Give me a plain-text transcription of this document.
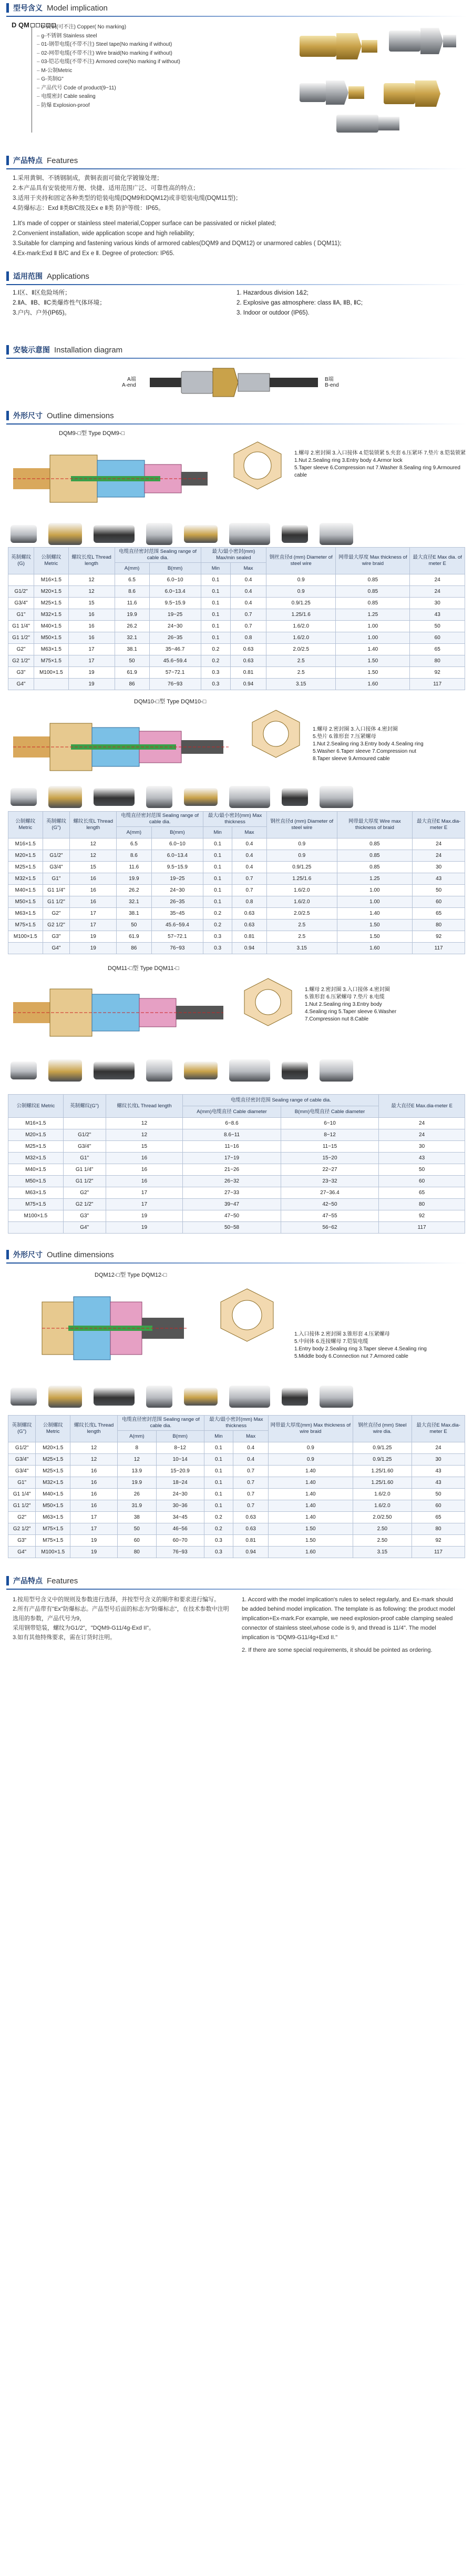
型号含义 Model implication
D QM	– 0-黄铜(可不注) Copper( No marking)
– g-不锈钢 Stainless steel
– 01-钢带电缆(不带不注) Steel tape(No marking if without)
– 02-网带电缆(不带不注) Wire braid(No marking if without)
– 03-铠芯电缆(不带不注) Armored core(No marking if without)
– M-公制Metric
– G-英制G"
– 产品代号 Code of product(9~11)
– 电缆密封 Cable sealing
– 防爆 Explosion-proof
产品特点 Features

1.采用黄铜、不锈钢制成，黄铜表面可做化学镀镍处理；

2.本产品具有安装使用方便、快捷、适用范围广泛、可靠性高的特点；

3.适用于夹持和固定各种类型的铠装电缆(DQM9和DQM12)或非铠装电缆(DQM11型)；

4.防爆标志：Exd Ⅱ类B/C级及Ex e Ⅱ类 防护等级：IP65。

1.It's made of copper or stainless steel material,Copper surface can be passivated or nickel plated;

2.Convenient installation, wide application scope and high reliability;

3.Suitable for clamping and fastening various kinds of armored cables(DQM9 and DQM12) or unarmored cables ( DQM11);

4.Ex-mark:Exd Ⅱ B/C and Ex e Ⅱ. Degree of protection: IP65.

适用范围 Applications
1.Ⅰ区、Ⅱ区危险场所；
2.ⅡA、ⅡB、ⅡC类爆炸性气体环境；
3.户内、户外(IP65)。
1. Hazardous division 1&2;
2. Explosive gas atmosphere: class ⅡA, ⅡB, ⅡC;
3. Indoor or outdoor (IP65).
安装示意图 Installation diagram
A端
A-end
B端
B-end
外形尺寸 Outline dimensions
DQM9-□型 Type DQM9-□
1.螺母 2.密封圈 3.入口接体 4.铠装锁紧 5.夹套 6.压紧环 7.垫片 8.铠装锁紧
1.Nut 2.Sealing ring 3.Entry body 4.Armor lock
5.Taper sleeve 6.Compression nut 7.Washer 8.Sealing ring 9.Armoured cable
英制螺纹(G)	公制螺纹 Metric	螺纹长度L Thread length	电缆直径密封范围 Sealing range of cable dia.		最大/最小密封(mm) Max/min sealed		钢丝直径d (mm) Diameter of steel wire	网带最大厚度 Max thickness of wire braid	最大直径E Max dia. of meter E
			A(mm)	B(mm)	Min	Max			
	M16×1.5	12	6.5	6.0~10	0.1	0.4	0.9	0.85	24
G1/2"	M20×1.5	12	8.6	6.0~13.4	0.1	0.4	0.9	0.85	24
G3/4"	M25×1.5	15	11.6	9.5~15.9	0.1	0.4	0.9/1.25	0.85	30
G1"	M32×1.5	16	19.9	19~25	0.1	0.7	1.25/1.6	1.25	43
G1 1/4"	M40×1.5	16	26.2	24~30	0.1	0.7	1.6/2.0	1.00	50
G1 1/2"	M50×1.5	16	32.1	26~35	0.1	0.8	1.6/2.0	1.00	60
G2"	M63×1.5	17	38.1	35~46.7	0.2	0.63	2.0/2.5	1.40	65
G2 1/2"	M75×1.5	17	50	45.6~59.4	0.2	0.63	2.5	1.50	80
G3"	M100×1.5	19	61.9	57~72.1	0.3	0.81	2.5	1.50	92
G4"		19	86	76~93	0.3	0.94	3.15	1.60	117
DQM10-□型 Type DQM10-□
1.螺母 2.密封圈 3.入口接体 4.密封圈
5.垫片 6.锥形套 7.压紧螺母
1.Nut 2.Sealing ring 3.Entry body 4.Sealing ring
5.Washer 6.Taper sleeve 7.Compression nut
8.Taper sleeve 9.Armoured cable
公制螺纹 Metric	英制螺纹(G")	螺纹长度L Thread length	电缆直径密封范围 Sealing range of cable dia.		最大/最小密封(mm) Max thickness		钢丝直径d (mm) Diameter of steel wire	网带最大厚度 Wire max thickness of braid	最大直径E Max.dia-meter E
			A(mm)	B(mm)	Min	Max			
M16×1.5		12	6.5	6.0~10	0.1	0.4	0.9	0.85	24
M20×1.5	G1/2"	12	8.6	6.0~13.4	0.1	0.4	0.9	0.85	24
M25×1.5	G3/4"	15	11.6	9.5~15.9	0.1	0.4	0.9/1.25	0.85	30
M32×1.5	G1"	16	19.9	19~25	0.1	0.7	1.25/1.6	1.25	43
M40×1.5	G1 1/4"	16	26.2	24~30	0.1	0.7	1.6/2.0	1.00	50
M50×1.5	G1 1/2"	16	32.1	26~35	0.1	0.8	1.6/2.0	1.00	60
M63×1.5	G2"	17	38.1	35~45	0.2	0.63	2.0/2.5	1.40	65
M75×1.5	G2 1/2"	17	50	45.6~59.4	0.2	0.63	2.5	1.50	80
M100×1.5	G3"	19	61.9	57~72.1	0.3	0.81	2.5	1.50	92
	G4"	19	86	76~93	0.3	0.94	3.15	1.60	117
DQM11-□型 Type DQM11-□
1.螺母 2.密封圈 3.入口接体 4.密封圈
5.锥形套 6.压紧螺母 7.垫片 8.电缆
1.Nut 2.Sealing ring 3.Entry body
4.Sealing ring 5.Taper sleeve 6.Washer
7.Compression nut 8.Cable
公制螺纹E Metric	英制螺纹(G")	螺纹长度L Thread length	电缆直径密封范围 Sealing range of cable dia.		最大直径E Max.dia-meter E
			A(mm)电缆直径 Cable diameter	B(mm)电缆直径 Cable diameter	
M16×1.5		12	6~8.6	6~10	24
M20×1.5	G1/2"	12	8.6~11	8~12	24
M25×1.5	G3/4"	15	11~16	11~15	30
M32×1.5	G1"	16	17~19	15~20	43
M40×1.5	G1 1/4"	16	21~26	22~27	50
M50×1.5	G1 1/2"	16	26~32	23~32	60
M63×1.5	G2"	17	27~33	27~36.4	65
M75×1.5	G2 1/2"	17	39~47	42~50	80
M100×1.5	G3"	19	47~50	47~55	92
	G4"	19	50~58	56~62	117
外形尺寸 Outline dimensions
DQM12-□型 Type DQM12-□
1.入口接体 2.密封圈 3.锥形套 4.压紧螺母
5.中间体 6.连接螺母 7.铠装电缆
1.Entry body 2.Sealing ring 3.Taper sleeve 4.Sealing ring
5.Middle body 6.Connection nut 7.Armored cable
英制螺纹(G")	公制螺纹 Metric	螺纹长度L Thread length	电缆直径密封范围 Sealing range of cable dia.		最大/最小密封(mm) Max thickness		网带最大厚度(mm) Max thickness of wire braid	钢丝直径d (mm) Steel wire dia.	最大直径E Max.dia-meter E
			A(mm)	B(mm)	Min	Max			
G1/2"	M20×1.5	12	8	8~12	0.1	0.4	0.9	0.9/1.25	24
G3/4"	M25×1.5	12	12	10~14	0.1	0.4	0.9	0.9/1.25	30
G3/4"	M25×1.5	16	13.9	15~20.9	0.1	0.7	1.40	1.25/1.60	43
G1"	M32×1.5	16	19.9	18~24	0.1	0.7	1.40	1.25/1.60	43
G1 1/4"	M40×1.5	16	26	24~30	0.1	0.7	1.40	1.6/2.0	50
G1 1/2"	M50×1.5	16	31.9	30~36	0.1	0.7	1.40	1.6/2.0	60
G2"	M63×1.5	17	38	34~45	0.2	0.63	1.40	2.0/2.50	65
G2 1/2"	M75×1.5	17	50	46~56	0.2	0.63	1.50	2.50	80
G3"	M75×1.5	19	60	60~70	0.3	0.81	1.50	2.50	92
G4"	M100×1.5	19	80	76~93	0.3	0.94	1.60	3.15	117
产品特点 Features
1.按用型号含义中的规则及参数进行选择，并按型号含义的顺序和要求进行编写。
2.所有产品带有"Ex"防爆标志。产品型号后面的标志为"防爆标志"，在技术参数中注明选用的参数，产品代号为9，
采用钢带铠装，螺纹为G1/2"，"DQM9-G11/4g-Exd II"。
3.如有其他特殊要求，需在订货时注明。
1. Accord with the model implication's rules to select regularly, and Ex-mark should be added behind model implication. The template is as following: the product model implication+Ex-mark.For example, we need explosion-proof cable clamping sealed connector of stainless steel,whose code is 9, and thread is 11/4". The model implication is "DQM9-G11/4g+Exd II."
2. If there are some special requirements, it should be pointed as ordering.
